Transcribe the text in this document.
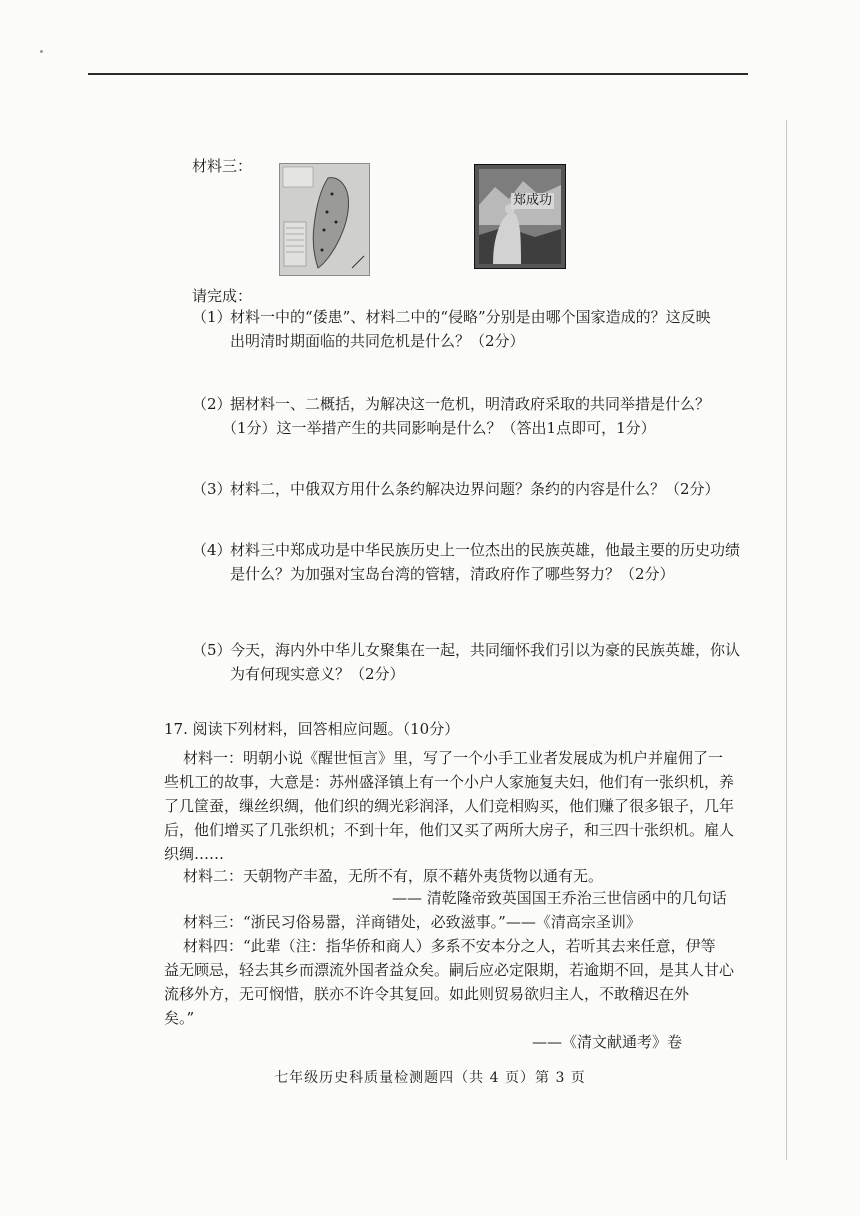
材料三：
郑成功
请完成：
（1）
材料一中的“倭患”、材料二中的“侵略”分别是由哪个国家造成的？这反映
出明清时期面临的共同危机是什么？（2分）
（2）
据材料一、二概括，为解决这一危机，明清政府采取的共同举措是什么？
（1分）这一举措产生的共同影响是什么？（答出1点即可，1分）
（3）
材料二，中俄双方用什么条约解决边界问题？条约的内容是什么？（2分）
（4）
材料三中郑成功是中华民族历史上一位杰出的民族英雄，他最主要的历史功绩
是什么？为加强对宝岛台湾的管辖，清政府作了哪些努力？（2分）
（5）
今天，海内外中华儿女聚集在一起，共同缅怀我们引以为豪的民族英雄，你认
为有何现实意义？（2分）
17. 阅读下列材料，回答相应问题。（10分）
材料一：明朝小说《醒世恒言》里，写了一个小手工业者发展成为机户并雇佣了一
些机工的故事，大意是：苏州盛泽镇上有一个小户人家施复夫妇，他们有一张织机，养
了几筐蚕，缫丝织绸，他们织的绸光彩润泽，人们竞相购买，他们赚了很多银子，几年
后，他们增买了几张织机；不到十年，他们又买了两所大房子，和三四十张织机。雇人
织绸……
材料二：天朝物产丰盈，无所不有，原不藉外夷货物以通有无。
—— 清乾隆帝致英国国王乔治三世信函中的几句话
材料三：“浙民习俗易嚣，洋商错处，必致滋事。”——《清高宗圣训》
材料四：“此辈（注：指华侨和商人）多系不安本分之人，若听其去来任意，伊等
益无顾忌，轻去其乡而漂流外国者益众矣。嗣后应必定限期，若逾期不回，是其人甘心
流移外方，无可悯惜，朕亦不许令其复回。如此则贸易欲归主人，不敢稽迟在外
矣。”
——《清文献通考》卷
七年级历史科质量检测题四（共 4 页）第 3 页
